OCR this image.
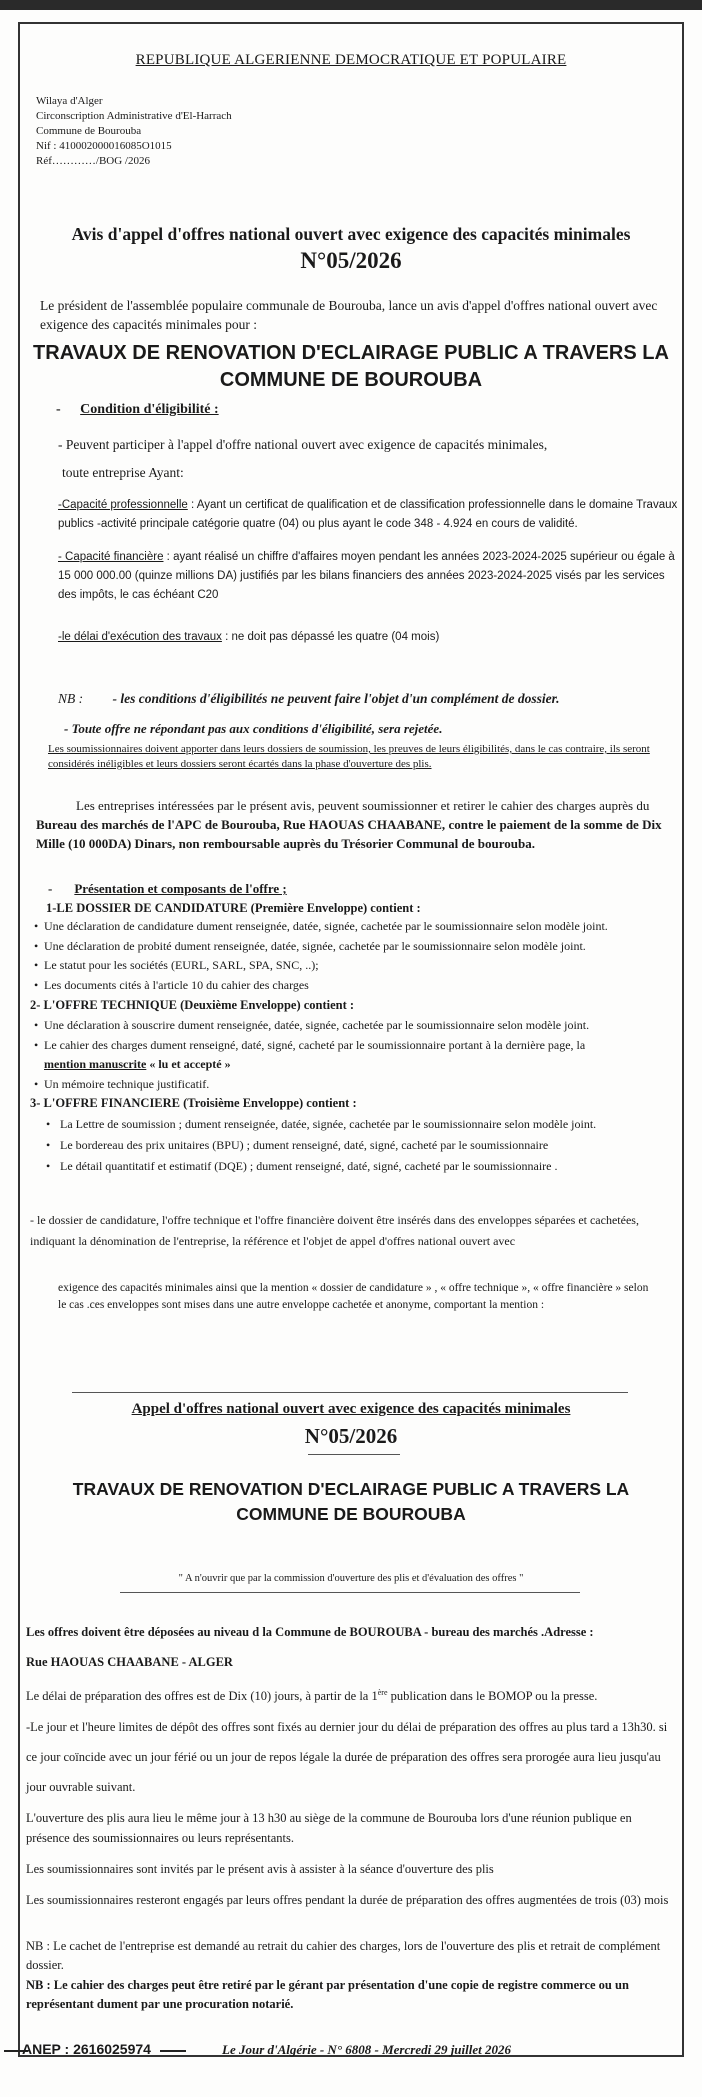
REPUBLIQUE ALGERIENNE DEMOCRATIQUE ET POPULAIRE
Wilaya d'Alger
Circonscription Administrative d'El-Harrach
Commune de Bourouba
Nif : 410002000016085O1015
Réf…………/BOG /2026
Avis d'appel d'offres national ouvert avec exigence des capacités minimales
N°05/2026
Le président de l'assemblée populaire communale de Bourouba, lance un avis d'appel d'offres national ouvert avec exigence des capacités minimales pour :
TRAVAUX DE RENOVATION D'ECLAIRAGE PUBLIC A TRAVERS LA
COMMUNE DE BOUROUBA
- Condition d'éligibilité :
- Peuvent participer à l'appel d'offre national ouvert avec exigence de capacités minimales,
toute entreprise Ayant:
-Capacité professionnelle : Ayant un certificat de qualification et de classification professionnelle dans le domaine Travaux publics -activité principale catégorie quatre (04) ou plus ayant le code 348 - 4.924 en cours de validité.
- Capacité financière : ayant réalisé un chiffre d'affaires moyen pendant les années 2023-2024-2025 supérieur ou égale à 15 000 000.00 (quinze millions DA) justifiés par les bilans financiers des années 2023-2024-2025 visés par les services des impôts, le cas échéant C20
-le délai d'exécution des travaux : ne doit pas dépassé les quatre (04 mois)
NB : - les conditions d'éligibilités ne peuvent faire l'objet d'un complément de dossier.
- Toute offre ne répondant pas aux conditions d'éligibilité, sera rejetée.
Les soumissionnaires doivent apporter dans leurs dossiers de soumission, les preuves de leurs éligibilités, dans le cas contraire, ils seront considérés inéligibles et leurs dossiers seront écartés dans la phase d'ouverture des plis.
Les entreprises intéressées par le présent avis, peuvent soumissionner et retirer le cahier des charges auprès du Bureau des marchés de l'APC de Bourouba, Rue HAOUAS CHAABANE, contre le paiement de la somme de Dix Mille (10 000DA) Dinars, non remboursable auprès du Trésorier Communal de bourouba.
- Présentation et composants de l'offre ;
1-LE DOSSIER DE CANDIDATURE (Première Enveloppe) contient :
• Une déclaration de candidature dument renseignée, datée, signée, cachetée par le soumissionnaire selon modèle joint.
• Une déclaration de probité dument renseignée, datée, signée, cachetée par le soumissionnaire selon modèle joint.
• Le statut pour les sociétés (EURL, SARL, SPA, SNC, ..);
• Les documents cités à l'article 10 du cahier des charges
2- L'OFFRE TECHNIQUE (Deuxième Enveloppe) contient :
• Une déclaration à souscrire dument renseignée, datée, signée, cachetée par le soumissionnaire selon modèle joint.
• Le cahier des charges dument renseigné, daté, signé, cacheté par le soumissionnaire portant à la dernière page, la
mention manuscrite « lu et accepté »
• Un mémoire technique justificatif.
3- L'OFFRE FINANCIERE (Troisième Enveloppe) contient :
• La Lettre de soumission ; dument renseignée, datée, signée, cachetée par le soumissionnaire selon modèle joint.
• Le bordereau des prix unitaires (BPU) ; dument renseigné, daté, signé, cacheté par le soumissionnaire
• Le détail quantitatif et estimatif (DQE) ; dument renseigné, daté, signé, cacheté par le soumissionnaire .
- le dossier de candidature, l'offre technique et l'offre financière doivent être insérés dans des enveloppes séparées et cachetées, indiquant la dénomination de l'entreprise, la référence et l'objet de appel d'offres national ouvert avec
exigence des capacités minimales ainsi que la mention « dossier de candidature » , « offre technique », « offre financière » selon le cas .ces enveloppes sont mises dans une autre enveloppe cachetée et anonyme, comportant la mention :
Appel d'offres national ouvert avec exigence des capacités minimales
N°05/2026
TRAVAUX DE RENOVATION D'ECLAIRAGE PUBLIC A TRAVERS LA
COMMUNE DE BOUROUBA
" A n'ouvrir que par la commission d'ouverture des plis et d'évaluation des offres "
Les offres doivent être déposées au niveau d la Commune de BOUROUBA - bureau des marchés .Adresse :
Rue HAOUAS CHAABANE - ALGER
Le délai de préparation des offres est de Dix (10) jours, à partir de la 1ère publication dans le BOMOP ou la presse.
-Le jour et l'heure limites de dépôt des offres sont fixés au dernier jour du délai de préparation des offres au plus tard a 13h30. si ce jour coïncide avec un jour férié ou un jour de repos légale la durée de préparation des offres sera prorogée aura lieu jusqu'au jour ouvrable suivant.
L'ouverture des plis aura lieu le même jour à 13 h30 au siège de la commune de Bourouba lors d'une réunion publique en présence des soumissionnaires ou leurs représentants.
Les soumissionnaires sont invités par le présent avis à assister à la séance d'ouverture des plis
Les soumissionnaires resteront engagés par leurs offres pendant la durée de préparation des offres augmentées de trois (03) mois
NB : Le cachet de l'entreprise est demandé au retrait du cahier des charges, lors de l'ouverture des plis et retrait de complément dossier.
NB : Le cahier des charges peut être retiré par le gérant par présentation d'une copie de registre commerce ou un représentant dument par une procuration notarié.
ANEP : 2616025974	Le Jour d'Algérie - N° 6808 - Mercredi 29 juillet 2026
